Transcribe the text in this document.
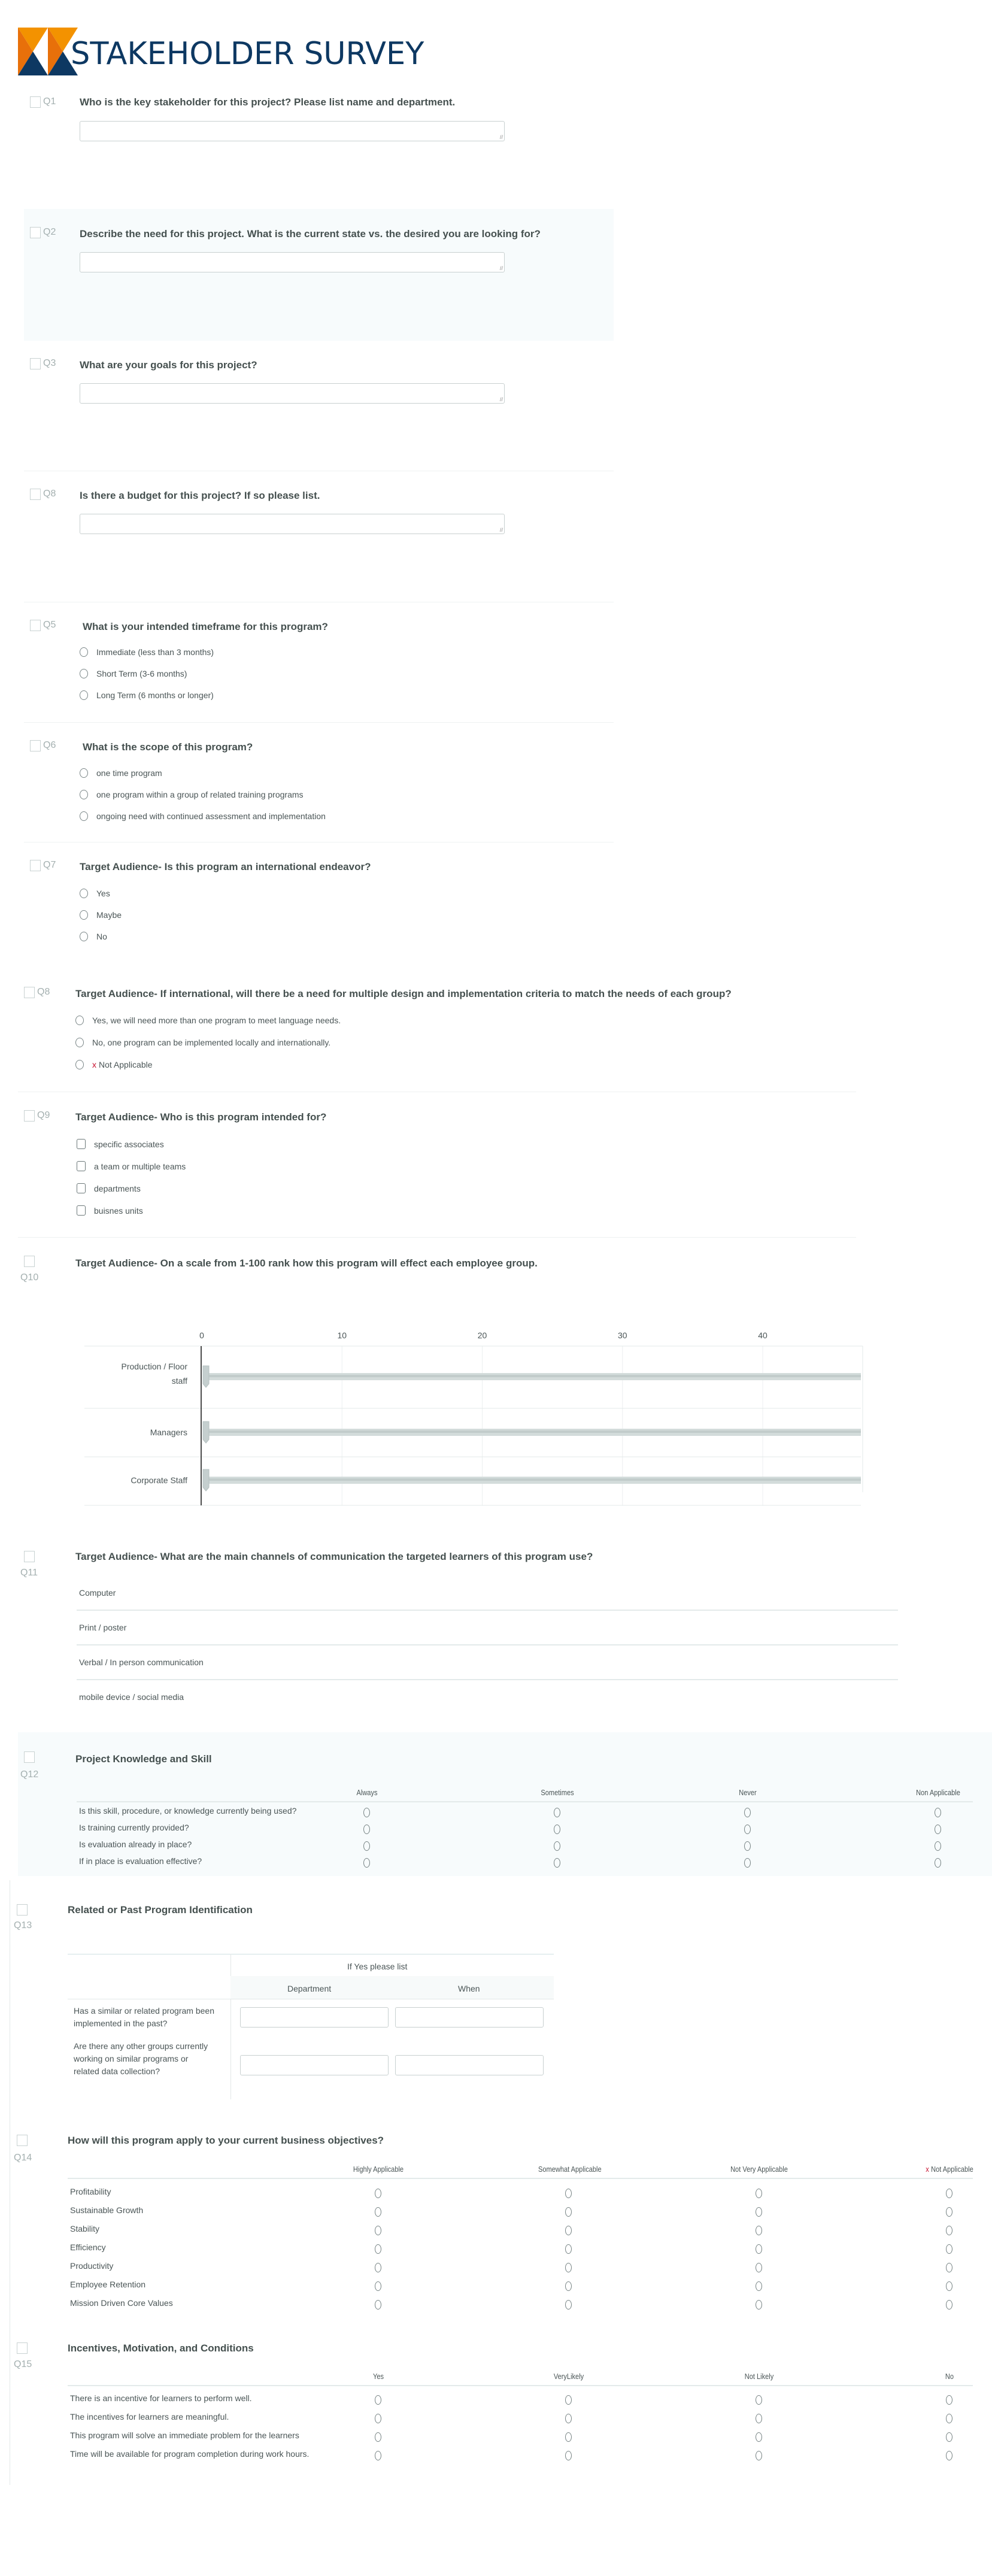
STAKEHOLDER SURVEY
Q1 Who is the key stakeholder for this project? Please list name and department.
//
Q2 Describe the need for this project. What is the current state vs. the desired you are looking for?
//
Q3 What are your goals for this project?
//
Q8 Is there a budget for this project? If so please list.
//
Q5	What is your intended timeframe for this program?
Immediate (less than 3 months)
Short Term (3-6 months)
Long Term (6 months or longer)
Q6	What is the scope of this program?
one time program
one program within a group of related training programs
ongoing need with continued assessment and implementation
Q7 Target Audience- Is this program an international endeavor?
Yes
Maybe
No
Q8	Target Audience- If international, will there be a need for multiple design and implementation criteria to match the needs of each group?
Yes, we will need more than one program to meet language needs.
No, one program can be implemented locally and internationally.
x Not Applicable
Q9	Target Audience- Who is this program intended for?
specific associates
a team or multiple teams
departments
buisnes units
Q10
Target Audience- On a scale from 1-100 rank how this program will effect each employee group.
0	10	20	30	40
Production / Floor
staff
Managers
Corporate Staff
Q11
Target Audience- What are the main channels of communication the targeted learners of this program use?
Computer
Print / poster
Verbal / In person communication
mobile device / social media
Q12
Project Knowledge and Skill
Always	Sometimes	Never	Non Applicable
Is this skill, procedure, or knowledge currently being used?
Is training currently provided?
Is evaluation already in place?
If in place is evaluation effective?
Q13
Related or Past Program Identification
If Yes please list
Department	When
Has a similar or related program been implemented in the past?
Are there any other groups currently working on similar programs or related data collection?
Q14
How will this program apply to your current business objectives?
Highly Applicable	Somewhat Applicable	Not Very Applicable	x Not Applicable
Profitability
Sustainable Growth
Stability
Efficiency
Productivity
Employee Retention
Mission Driven Core Values
Q15
Incentives, Motivation, and Conditions
Yes	VeryLikely	Not Likely	No
There is an incentive for learners to perform well.
The incentives for learners are meaningful.
This program will solve an immediate problem for the learners
Time will be available for program completion during work hours.
